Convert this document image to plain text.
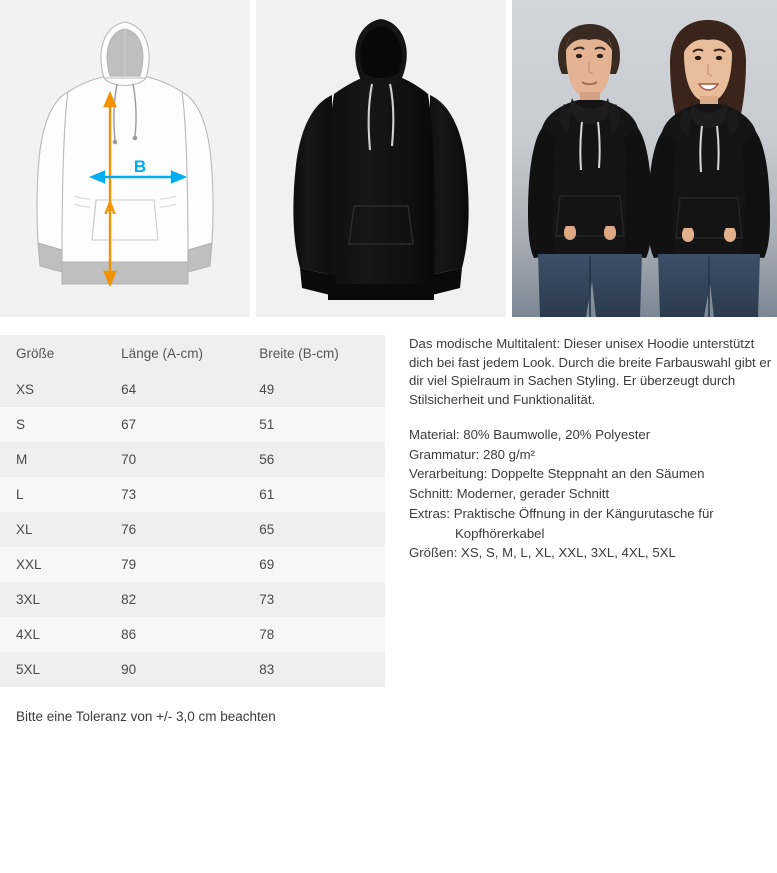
A
B
Größe	Länge (A-cm)	Breite (B-cm)
XS	64	49
S	67	51
M	70	56
L	73	61
XL	76	65
XXL	79	69
3XL	82	73
4XL	86	78
5XL	90	83
Bitte eine Toleranz von +/- 3,0 cm beachten

Das modische Multitalent: Dieser unisex Hoodie unterstützt dich bei fast jedem Look. Durch die breite Farbauswahl gibt er dir viel Spielraum in Sachen Styling. Er überzeugt durch Stilsicherheit und Funktionalität.

Material: 80% Baumwolle, 20% Polyester
Grammatur: 280 g/m²
Verarbeitung: Doppelte Steppnaht an den Säumen
Schnitt: Moderner, gerader Schnitt
Extras: Praktische Öffnung in der Kängurutasche für
Kopfhörerkabel
Größen: XS, S, M, L, XL, XXL, 3XL, 4XL, 5XL
